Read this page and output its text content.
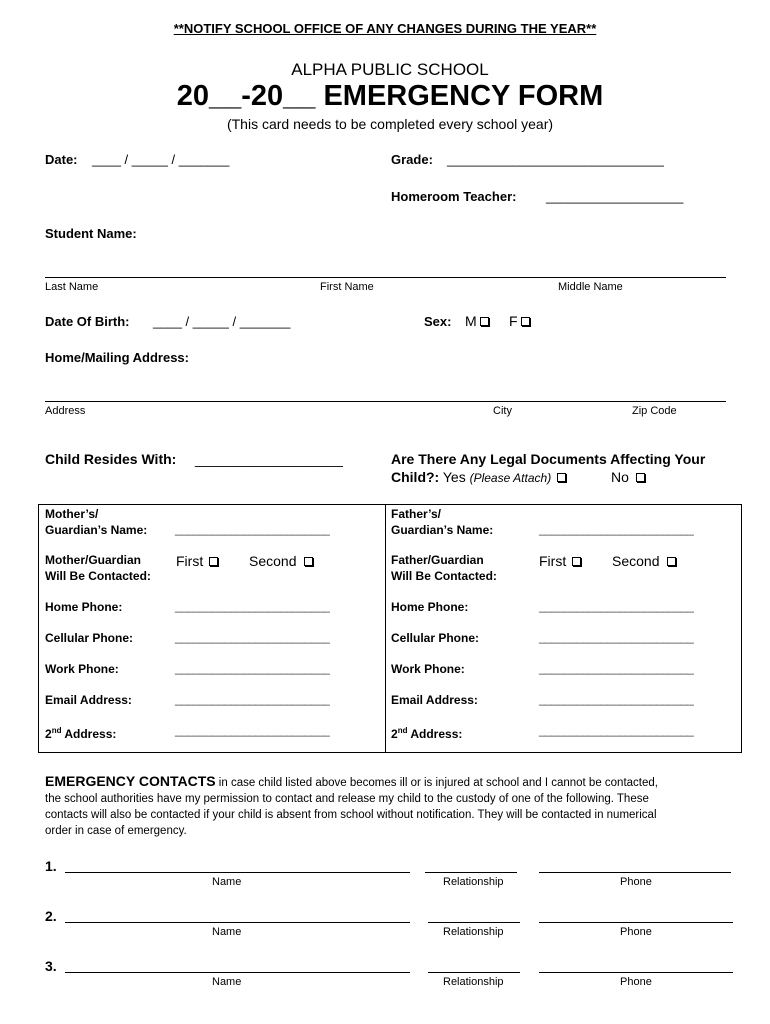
**NOTIFY SCHOOL OFFICE OF ANY CHANGES DURING THE YEAR**
ALPHA PUBLIC SCHOOL
20__-20__ EMERGENCY FORM
(This card needs to be completed every school year)
Date: ____ / _____ / _______	Grade: ______________________________
Homeroom Teacher: ___________________
Student Name:
Last Name	First Name	Middle Name
Date Of Birth: ____ / _____ / _______	Sex: M	F
Home/Mailing Address:
Address	City	Zip Code
Child Resides With: ___________________	Are There Any Legal Documents Affecting Your
Child?: Yes (Please Attach)	No
Mother’s/
Guardian’s Name: _________________________
Mother/Guardian
Will Be Contacted:
First	Second
Home Phone:	_________________________
Cellular Phone:	_________________________
Work Phone:	_________________________
Email Address:	_________________________
2nd Address:	_________________________
Father’s/
Guardian’s Name:	_________________________
Father/Guardian
Will Be Contacted:
First	Second
Home Phone:	_________________________
Cellular Phone:	_________________________
Work Phone:	_________________________
Email Address:	_________________________
2nd Address:	_________________________
EMERGENCY CONTACTS in case child listed above becomes ill or is injured at school and I cannot be contacted,
the school authorities have my permission to contact and release my child to the custody of one of the following. These
contacts will also be contacted if your child is absent from school without notification. They will be contacted in numerical
order in case of emergency.
1.
Name	Relationship	Phone
2.
Name	Relationship	Phone
3.
Name	Relationship	Phone
